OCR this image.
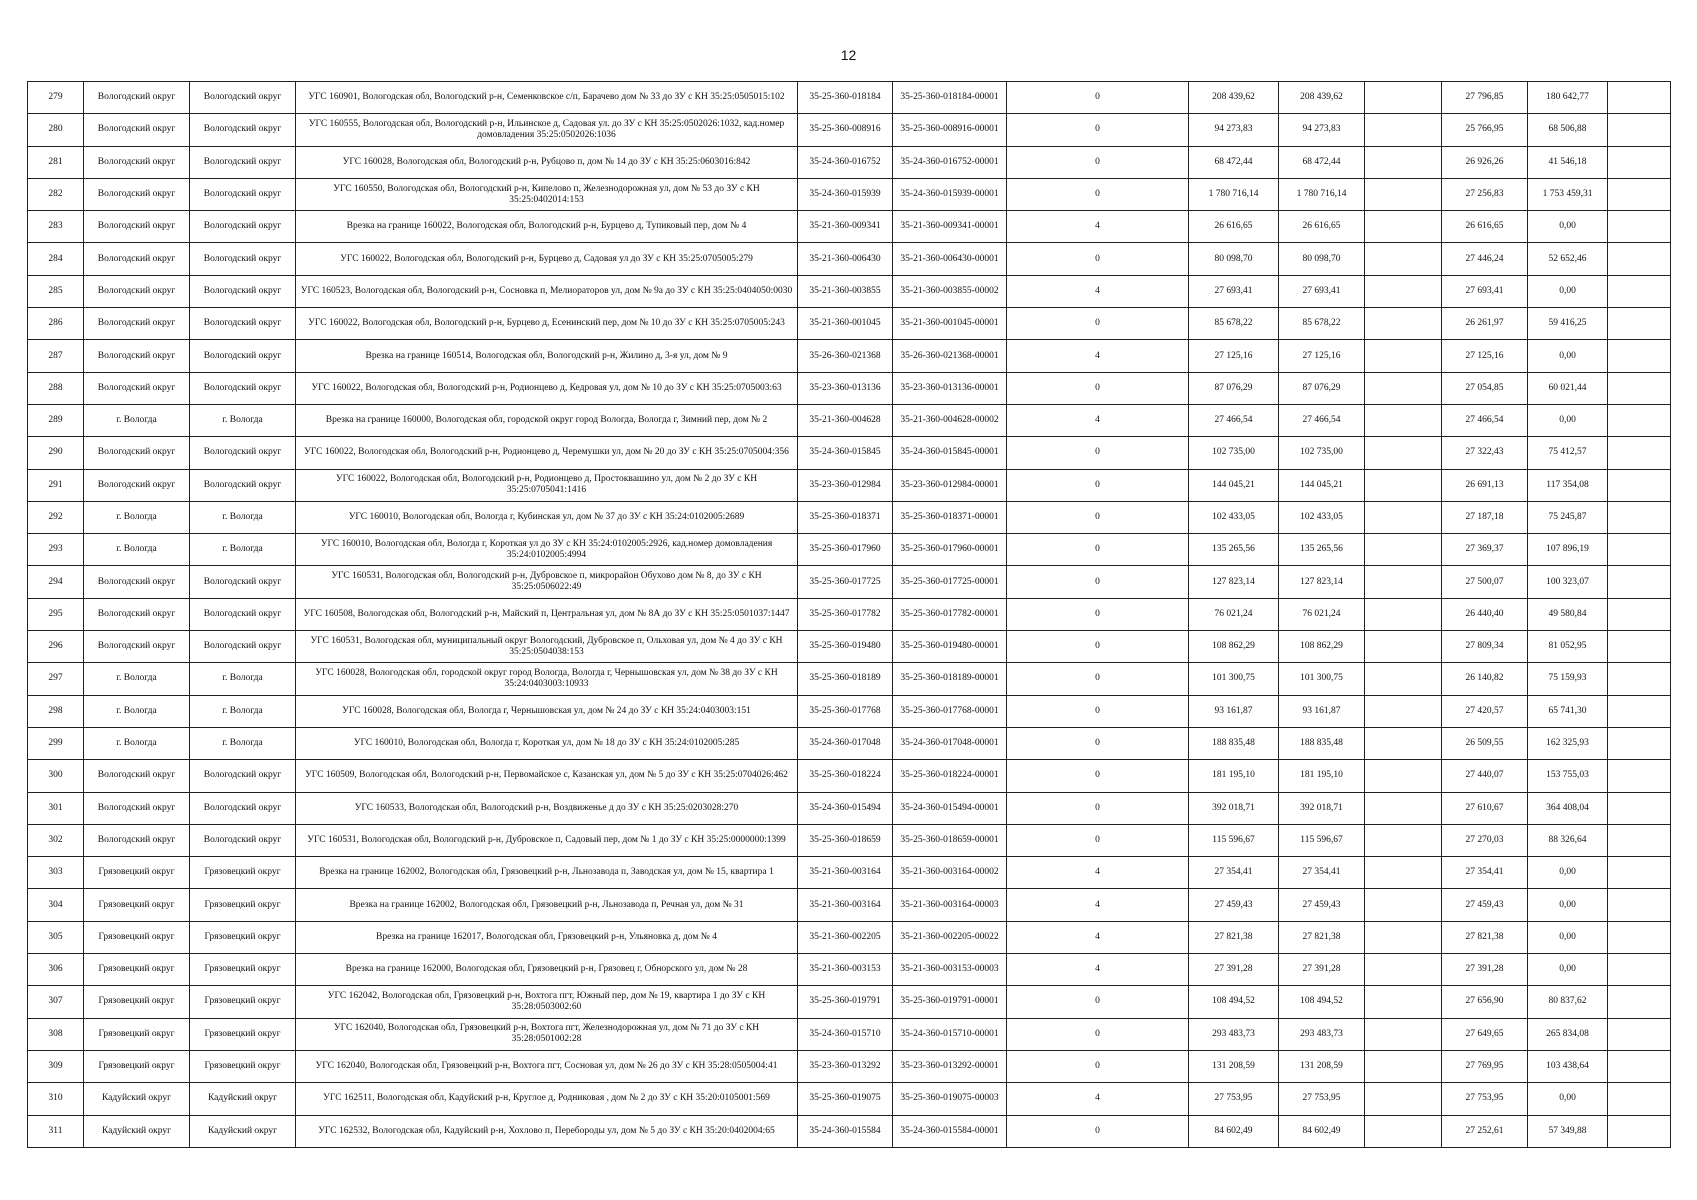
12
279	Вологодский округ	Вологодский округ	УГС 160901, Вологодская обл, Вологодский р-н, Семенковское с/п, Барачево дом № 33 до ЗУ с КН 35:25:0505015:102	35-25-360-018184	35-25-360-018184-00001	0	208 439,62	208 439,62		27 796,85	180 642,77	
280	Вологодский округ	Вологодский округ	УГС 160555, Вологодская обл, Вологодский р-н, Ильинское д, Садовая ул. до ЗУ с КН 35:25:0502026:1032, кад.номер домовладения 35:25:0502026:1036	35-25-360-008916	35-25-360-008916-00001	0	94 273,83	94 273,83		25 766,95	68 506,88	
281	Вологодский округ	Вологодский округ	УГС 160028, Вологодская обл, Вологодский р-н, Рубцово п, дом № 14 до ЗУ с КН 35:25:0603016:842	35-24-360-016752	35-24-360-016752-00001	0	68 472,44	68 472,44		26 926,26	41 546,18	
282	Вологодский округ	Вологодский округ	УГС 160550, Вологодская обл, Вологодский р-н, Кипелово п, Железнодорожная ул, дом № 53 до ЗУ с КН 35:25:0402014:153	35-24-360-015939	35-24-360-015939-00001	0	1 780 716,14	1 780 716,14		27 256,83	1 753 459,31	
283	Вологодский округ	Вологодский округ	Врезка на границе 160022, Вологодская обл, Вологодский р-н, Бурцево д, Тупиковый пер, дом № 4	35-21-360-009341	35-21-360-009341-00001	4	26 616,65	26 616,65		26 616,65	0,00	
284	Вологодский округ	Вологодский округ	УГС 160022, Вологодская обл, Вологодский р-н, Бурцево д, Садовая ул до ЗУ с КН 35:25:0705005:279	35-21-360-006430	35-21-360-006430-00001	0	80 098,70	80 098,70		27 446,24	52 652,46	
285	Вологодский округ	Вологодский округ	УГС 160523, Вологодская обл, Вологодский р-н, Сосновка п, Мелиораторов ул, дом № 9а до ЗУ с КН 35:25:0404050:0030	35-21-360-003855	35-21-360-003855-00002	4	27 693,41	27 693,41		27 693,41	0,00	
286	Вологодский округ	Вологодский округ	УГС 160022, Вологодская обл, Вологодский р-н, Бурцево д, Есенинский пер, дом № 10 до ЗУ с КН 35:25:0705005:243	35-21-360-001045	35-21-360-001045-00001	0	85 678,22	85 678,22		26 261,97	59 416,25	
287	Вологодский округ	Вологодский округ	Врезка на границе 160514, Вологодская обл, Вологодский р-н, Жилино д, 3-я ул, дом № 9	35-26-360-021368	35-26-360-021368-00001	4	27 125,16	27 125,16		27 125,16	0,00	
288	Вологодский округ	Вологодский округ	УГС 160022, Вологодская обл, Вологодский р-н, Родионцево д, Кедровая ул, дом № 10 до ЗУ с КН 35:25:0705003:63	35-23-360-013136	35-23-360-013136-00001	0	87 076,29	87 076,29		27 054,85	60 021,44	
289	г. Вологда	г. Вологда	Врезка на границе 160000, Вологодская обл, городской округ город Вологда, Вологда г, Зимний пер, дом № 2	35-21-360-004628	35-21-360-004628-00002	4	27 466,54	27 466,54		27 466,54	0,00	
290	Вологодский округ	Вологодский округ	УГС 160022, Вологодская обл, Вологодский р-н, Родионцево д, Черемушки ул, дом № 20 до ЗУ с КН 35:25:0705004:356	35-24-360-015845	35-24-360-015845-00001	0	102 735,00	102 735,00		27 322,43	75 412,57	
291	Вологодский округ	Вологодский округ	УГС 160022, Вологодская обл, Вологодский р-н, Родионцево д, Простоквашино ул, дом № 2 до ЗУ с КН 35:25:0705041:1416	35-23-360-012984	35-23-360-012984-00001	0	144 045,21	144 045,21		26 691,13	117 354,08	
292	г. Вологда	г. Вологда	УГС 160010, Вологодская обл, Вологда г, Кубинская ул, дом № 37 до ЗУ с КН 35:24:0102005:2689	35-25-360-018371	35-25-360-018371-00001	0	102 433,05	102 433,05		27 187,18	75 245,87	
293	г. Вологда	г. Вологда	УГС 160010, Вологодская обл, Вологда г, Короткая ул до ЗУ с КН 35:24:0102005:2926, кад.номер домовладения 35:24:0102005:4994	35-25-360-017960	35-25-360-017960-00001	0	135 265,56	135 265,56		27 369,37	107 896,19	
294	Вологодский округ	Вологодский округ	УГС 160531, Вологодская обл, Вологодский р-н, Дубровское п, микрорайон Обухово дом № 8, до ЗУ с КН 35:25:0506022:49	35-25-360-017725	35-25-360-017725-00001	0	127 823,14	127 823,14		27 500,07	100 323,07	
295	Вологодский округ	Вологодский округ	УГС 160508, Вологодская обл, Вологодский р-н, Майский п, Центральная ул, дом № 8А до ЗУ с КН 35:25:0501037:1447	35-25-360-017782	35-25-360-017782-00001	0	76 021,24	76 021,24		26 440,40	49 580,84	
296	Вологодский округ	Вологодский округ	УГС 160531, Вологодская обл, муниципальный округ Вологодский, Дубровское п, Ольховая ул, дом № 4 до ЗУ с КН 35:25:0504038:153	35-25-360-019480	35-25-360-019480-00001	0	108 862,29	108 862,29		27 809,34	81 052,95	
297	г. Вологда	г. Вологда	УГС 160028, Вологодская обл, городской округ город Вологда, Вологда г, Чернышовская ул, дом № 38 до ЗУ с КН 35:24:0403003:10933	35-25-360-018189	35-25-360-018189-00001	0	101 300,75	101 300,75		26 140,82	75 159,93	
298	г. Вологда	г. Вологда	УГС 160028, Вологодская обл, Вологда г, Чернышовская ул, дом № 24 до ЗУ с КН 35:24:0403003:151	35-25-360-017768	35-25-360-017768-00001	0	93 161,87	93 161,87		27 420,57	65 741,30	
299	г. Вологда	г. Вологда	УГС 160010, Вологодская обл, Вологда г, Короткая ул, дом № 18 до ЗУ с КН 35:24:0102005:285	35-24-360-017048	35-24-360-017048-00001	0	188 835,48	188 835,48		26 509,55	162 325,93	
300	Вологодский округ	Вологодский округ	УГС 160509, Вологодская обл, Вологодский р-н, Первомайское с, Казанская ул, дом № 5 до ЗУ с КН 35:25:0704026:462	35-25-360-018224	35-25-360-018224-00001	0	181 195,10	181 195,10		27 440,07	153 755,03	
301	Вологодский округ	Вологодский округ	УГС 160533, Вологодская обл, Вологодский р-н, Воздвиженье д до ЗУ с КН 35:25:0203028:270	35-24-360-015494	35-24-360-015494-00001	0	392 018,71	392 018,71		27 610,67	364 408,04	
302	Вологодский округ	Вологодский округ	УГС 160531, Вологодская обл, Вологодский р-н, Дубровское п, Садовый пер, дом № 1 до ЗУ с КН 35:25:0000000:1399	35-25-360-018659	35-25-360-018659-00001	0	115 596,67	115 596,67		27 270,03	88 326,64	
303	Грязовецкий округ	Грязовецкий округ	Врезка на границе 162002, Вологодская обл, Грязовецкий р-н, Льнозавода п, Заводская ул, дом № 15, квартира 1	35-21-360-003164	35-21-360-003164-00002	4	27 354,41	27 354,41		27 354,41	0,00	
304	Грязовецкий округ	Грязовецкий округ	Врезка на границе 162002, Вологодская обл, Грязовецкий р-н, Льнозавода п, Речная ул, дом № 31	35-21-360-003164	35-21-360-003164-00003	4	27 459,43	27 459,43		27 459,43	0,00	
305	Грязовецкий округ	Грязовецкий округ	Врезка на границе 162017, Вологодская обл, Грязовецкий р-н, Ульяновка д, дом № 4	35-21-360-002205	35-21-360-002205-00022	4	27 821,38	27 821,38		27 821,38	0,00	
306	Грязовецкий округ	Грязовецкий округ	Врезка на границе 162000, Вологодская обл, Грязовецкий р-н, Грязовец г, Обнорского ул, дом № 28	35-21-360-003153	35-21-360-003153-00003	4	27 391,28	27 391,28		27 391,28	0,00	
307	Грязовецкий округ	Грязовецкий округ	УГС 162042, Вологодская обл, Грязовецкий р-н, Вохтога пгт, Южный пер, дом № 19, квартира 1 до ЗУ с КН 35:28:0503002:60	35-25-360-019791	35-25-360-019791-00001	0	108 494,52	108 494,52		27 656,90	80 837,62	
308	Грязовецкий округ	Грязовецкий округ	УГС 162040, Вологодская обл, Грязовецкий р-н, Вохтога пгт, Железнодорожная ул, дом № 71 до ЗУ с КН 35:28:0501002:28	35-24-360-015710	35-24-360-015710-00001	0	293 483,73	293 483,73		27 649,65	265 834,08	
309	Грязовецкий округ	Грязовецкий округ	УГС 162040, Вологодская обл, Грязовецкий р-н, Вохтога пгт, Сосновая ул, дом № 26 до ЗУ с КН 35:28:0505004:41	35-23-360-013292	35-23-360-013292-00001	0	131 208,59	131 208,59		27 769,95	103 438,64	
310	Кадуйский округ	Кадуйский округ	УГС 162511, Вологодская обл, Кадуйский р-н, Круглое д, Родниковая , дом № 2 до ЗУ с КН 35:20:0105001:569	35-25-360-019075	35-25-360-019075-00003	4	27 753,95	27 753,95		27 753,95	0,00	
311	Кадуйский округ	Кадуйский округ	УГС 162532, Вологодская обл, Кадуйский р-н, Хохлово п, Перебороды ул, дом № 5 до ЗУ с КН 35:20:0402004:65	35-24-360-015584	35-24-360-015584-00001	0	84 602,49	84 602,49		27 252,61	57 349,88	
